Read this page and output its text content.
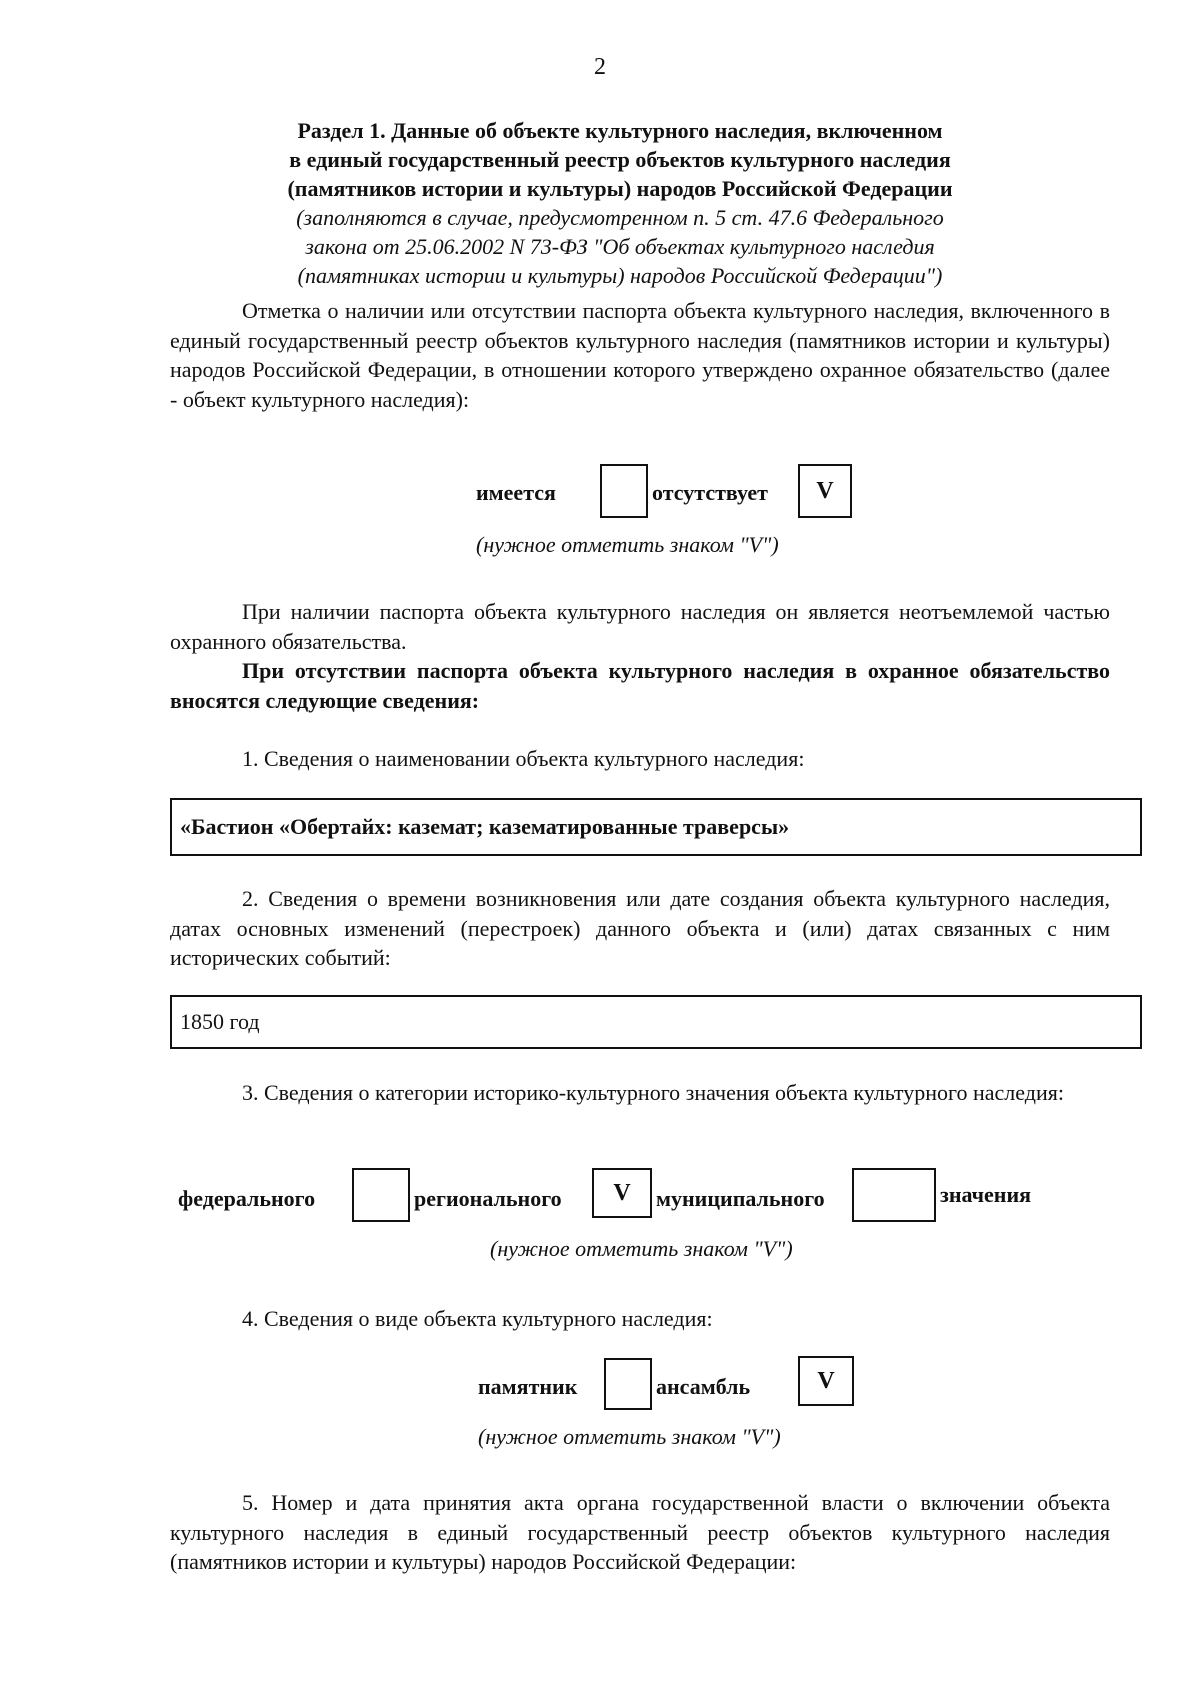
2
Раздел 1. Данные об объекте культурного наследия, включенном
в единый государственный реестр объектов культурного наследия
(памятников истории и культуры) народов Российской Федерации
(заполняются в случае, предусмотренном п. 5 ст. 47.6 Федерального
закона от 25.06.2002 N 73-ФЗ "Об объектах культурного наследия
(памятниках истории и культуры) народов Российской Федерации")
Отметка о наличии или отсутствии паспорта объекта культурного наследия, включенного в единый государственный реестр объектов культурного наследия (памятников истории и культуры) народов Российской Федерации, в отношении которого утверждено охранное обязательство (далее - объект культурного наследия):
имеется	отсутствует	V
(нужное отметить знаком "V")
При наличии паспорта объекта культурного наследия он является неотъемлемой частью охранного обязательства.
При отсутствии паспорта объекта культурного наследия в охранное обязательство вносятся следующие сведения:
1. Сведения о наименовании объекта культурного наследия:
«Бастион «Обертайх: каземат; казематированные траверсы»
2. Сведения о времени возникновения или дате создания объекта культурного наследия, датах основных изменений (перестроек) данного объекта и (или) датах связанных с ним исторических событий:
1850 год
3. Сведения о категории историко-культурного значения объекта культурного наследия:
федерального	регионального	V	муниципального	значения
(нужное отметить знаком "V")
4. Сведения о виде объекта культурного наследия:
памятник	ансамбль	V
(нужное отметить знаком "V")
5. Номер и дата принятия акта органа государственной власти о включении объекта культурного наследия в единый государственный реестр объектов культурного наследия (памятников истории и культуры) народов Российской Федерации:
